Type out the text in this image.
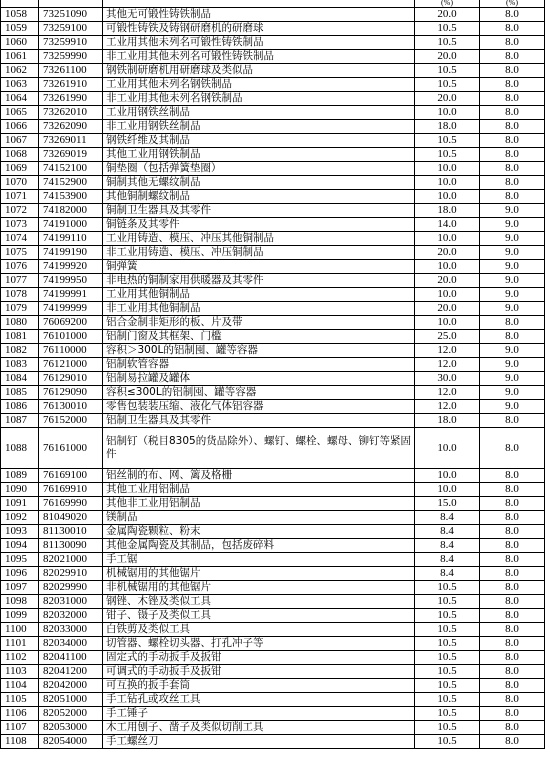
			(%)	(%)
1058	73251090	其他无可锻性铸铁制品	20.0	8.0
1059	73259100	可锻性铸铁及铸钢研磨机的研磨球	10.5	8.0
1060	73259910	工业用其他未列名可锻性铸铁制品	10.5	8.0
1061	73259990	非工业用其他未列名可锻性铸铁制品	20.0	8.0
1062	73261100	钢铁制研磨机用研磨球及类似品	10.5	8.0
1063	73261910	工业用其他未列名钢铁制品	10.5	8.0
1064	73261990	非工业用其他未列名钢铁制品	20.0	8.0
1065	73262010	工业用钢铁丝制品	10.0	8.0
1066	73262090	非工业用钢铁丝制品	18.0	8.0
1067	73269011	钢铁纤维及其制品	10.5	8.0
1068	73269019	其他工业用钢铁制品	10.5	8.0
1069	74152100	铜垫圈（包括弹簧垫圈）	10.0	8.0
1070	74152900	铜制其他无螺纹制品	10.0	8.0
1071	74153900	其他铜制螺纹制品	10.0	8.0
1072	74182000	铜制卫生器具及其零件	18.0	9.0
1073	74191000	铜链条及其零件	14.0	9.0
1074	74199110	工业用铸造、模压、冲压其他铜制品	10.0	9.0
1075	74199190	非工业用铸造、模压、冲压铜制品	20.0	9.0
1076	74199920	铜弹簧	10.0	9.0
1077	74199950	非电热的铜制家用供暖器及其零件	20.0	9.0
1078	74199991	工业用其他铜制品	10.0	9.0
1079	74199999	非工业用其他铜制品	20.0	9.0
1080	76069200	铝合金制非矩形的板、片及带	10.0	8.0
1081	76101000	铝制门窗及其框架、门槛	25.0	8.0
1082	76110000	容积＞300L的铝制囤、罐等容器	12.0	9.0
1083	76121000	铝制软管容器	12.0	9.0
1084	76129010	铝制易拉罐及罐体	30.0	9.0
1085	76129090	容积≤300L的铝制囤、罐等容器	12.0	9.0
1086	76130010	零售包装装压缩、液化气体铝容器	12.0	9.0
1087	76152000	铝制卫生器具及其零件	18.0	8.0
1088	76161000	铝制钉（税目8305的货品除外）、螺钉、螺栓、螺母、铆钉等紧固件	10.0	8.0
1089	76169100	铝丝制的布、网、篱及格栅	10.0	8.0
1090	76169910	其他工业用铝制品	10.0	8.0
1091	76169990	其他非工业用铝制品	15.0	8.0
1092	81049020	镁制品	8.4	8.0
1093	81130010	金属陶瓷颗粒、粉末	8.4	8.0
1094	81130090	其他金属陶瓷及其制品，包括废碎料	8.4	8.0
1095	82021000	手工锯	8.4	8.0
1096	82029910	机械锯用的其他锯片	8.4	8.0
1097	82029990	非机械锯用的其他锯片	10.5	8.0
1098	82031000	钢锉、木锉及类似工具	10.5	8.0
1099	82032000	钳子、镊子及类似工具	10.5	8.0
1100	82033000	白铁剪及类似工具	10.5	8.0
1101	82034000	切管器、螺栓切头器、打孔冲子等	10.5	8.0
1102	82041100	固定式的手动扳手及扳钳	10.5	8.0
1103	82041200	可调式的手动扳手及扳钳	10.5	8.0
1104	82042000	可互换的扳手套筒	10.5	8.0
1105	82051000	手工钻孔或攻丝工具	10.5	8.0
1106	82052000	手工锤子	10.5	8.0
1107	82053000	木工用刨子、凿子及类似切削工具	10.5	8.0
1108	82054000	手工螺丝刀	10.5	8.0
